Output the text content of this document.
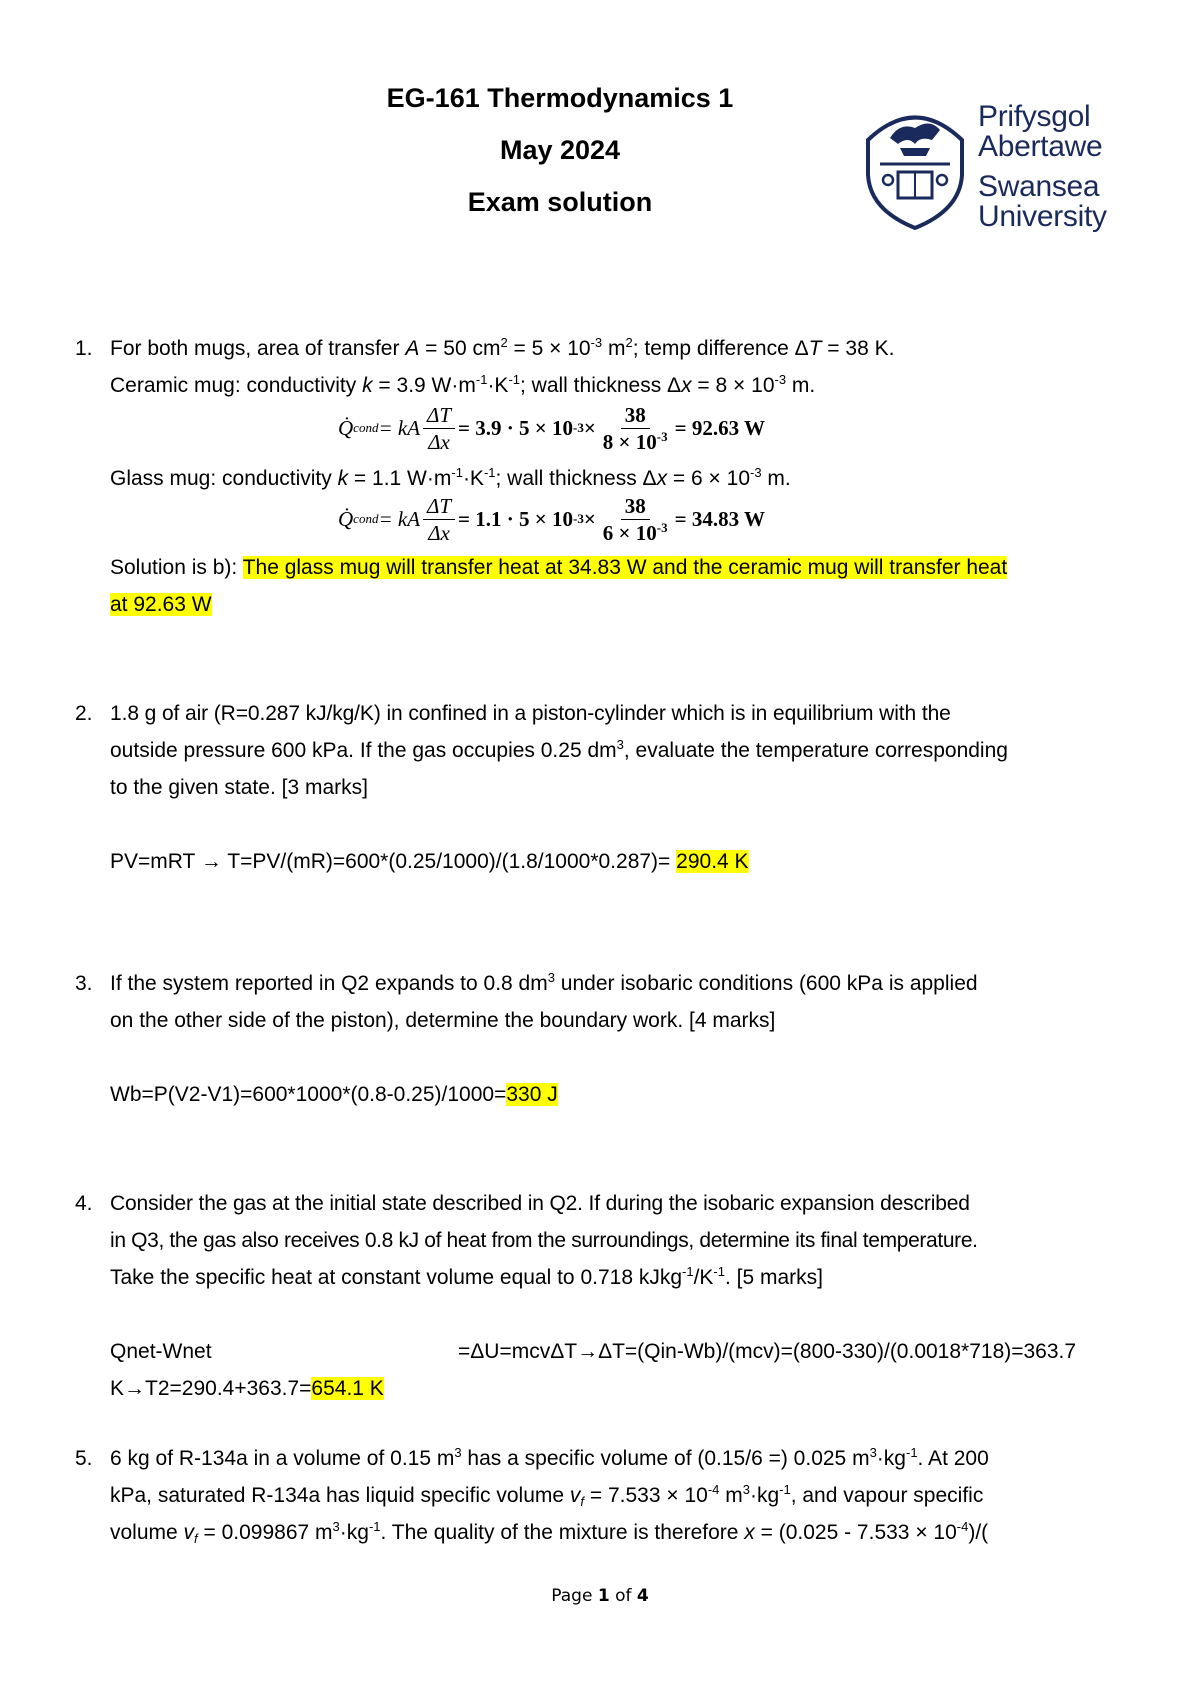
EG-161 Thermodynamics 1
May 2024
Exam solution
Prifysgol
Abertawe
Swansea
University
1. For both mugs, area of transfer A = 50 $cm^2 = 5 \times 10^{-3}$ $m^2$; temp difference ΔT = 38 K.
Ceramic mug: conductivity k = 3.9 $W\cdot m^{-1}\cdot K^{-1}$; wall thickness $\Delta x = 8 \times 10^{-3}$ m.
Q̇ cond = kA $\frac{\Delta T}{\Delta x} = 3.9 \cdot 5 \times 10$ $-3 \times \frac{38}{8 \times 10^{-3}} = 92.63$ W
Glass mug: conductivity k = 1.1 $W\cdot m^{-1}\cdot K^{-1}$; wall thickness $\Delta x = 6 \times 10^{-3}$ m.
Q̇ cond = kA $\frac{\Delta T}{\Delta x} = 1.1 \cdot 5 \times 10$ $-3 \times \frac{38}{6 \times 10^{-3}} = 34.83$ W
Solution is b): The glass mug will transfer heat at 34.83 W and the ceramic mug will transfer heat
at 92.63 W
2. 1.8 g of air (R=0.287 kJ/kg/K) in confined in a piston-cylinder which is in equilibrium with the
outside pressure 600 kPa. If the gas occupies 0.25 $dm^3$, evaluate the temperature corresponding
to the given state. [3 marks]
PV=mRT → T=PV/(mR)=600*(0.25/1000)/(1.8/1000*0.287)= 290.4 K
3. If the system reported in Q2 expands to 0.8 $dm^3$ under isobaric conditions (600 kPa is applied
on the other side of the piston), determine the boundary work. [4 marks]
Wb=P(V2-V1)=600*1000*(0.8-0.25)/1000=330 J
4. Consider the gas at the initial state described in Q2. If during the isobaric expansion described
in Q3, the gas also receives 0.8 kJ of heat from the surroundings, determine its final temperature.
Take the specific heat at constant volume equal to 0.718 $kJkg^{-1}/K^{-1}$. [5 marks]
Qnet-Wnet	=ΔU=mcvΔT→ΔT=(Qin-Wb)/(mcv)=(800-330)/(0.0018*718)=363.7
K→T2=290.4+363.7=654.1 K
5. 6 kg of R-134a in a volume of 0.15 $m^3$ has a specific volume of (0.15/6 =) 0.025 $m^3\cdot kg^{-1}$. At 200
kPa, saturated R-134a has liquid specific volume $v_f = 7.533 \times 10^{-4}$ $m^3\cdot kg^{-1}$, and vapour specific
volume $v_f = 0.099867$ $m^3\cdot kg^{-1}$. The quality of the mixture is therefore $x = (0.025 - 7.533 \times 10^{-4})/$(
Page 1 of 4
